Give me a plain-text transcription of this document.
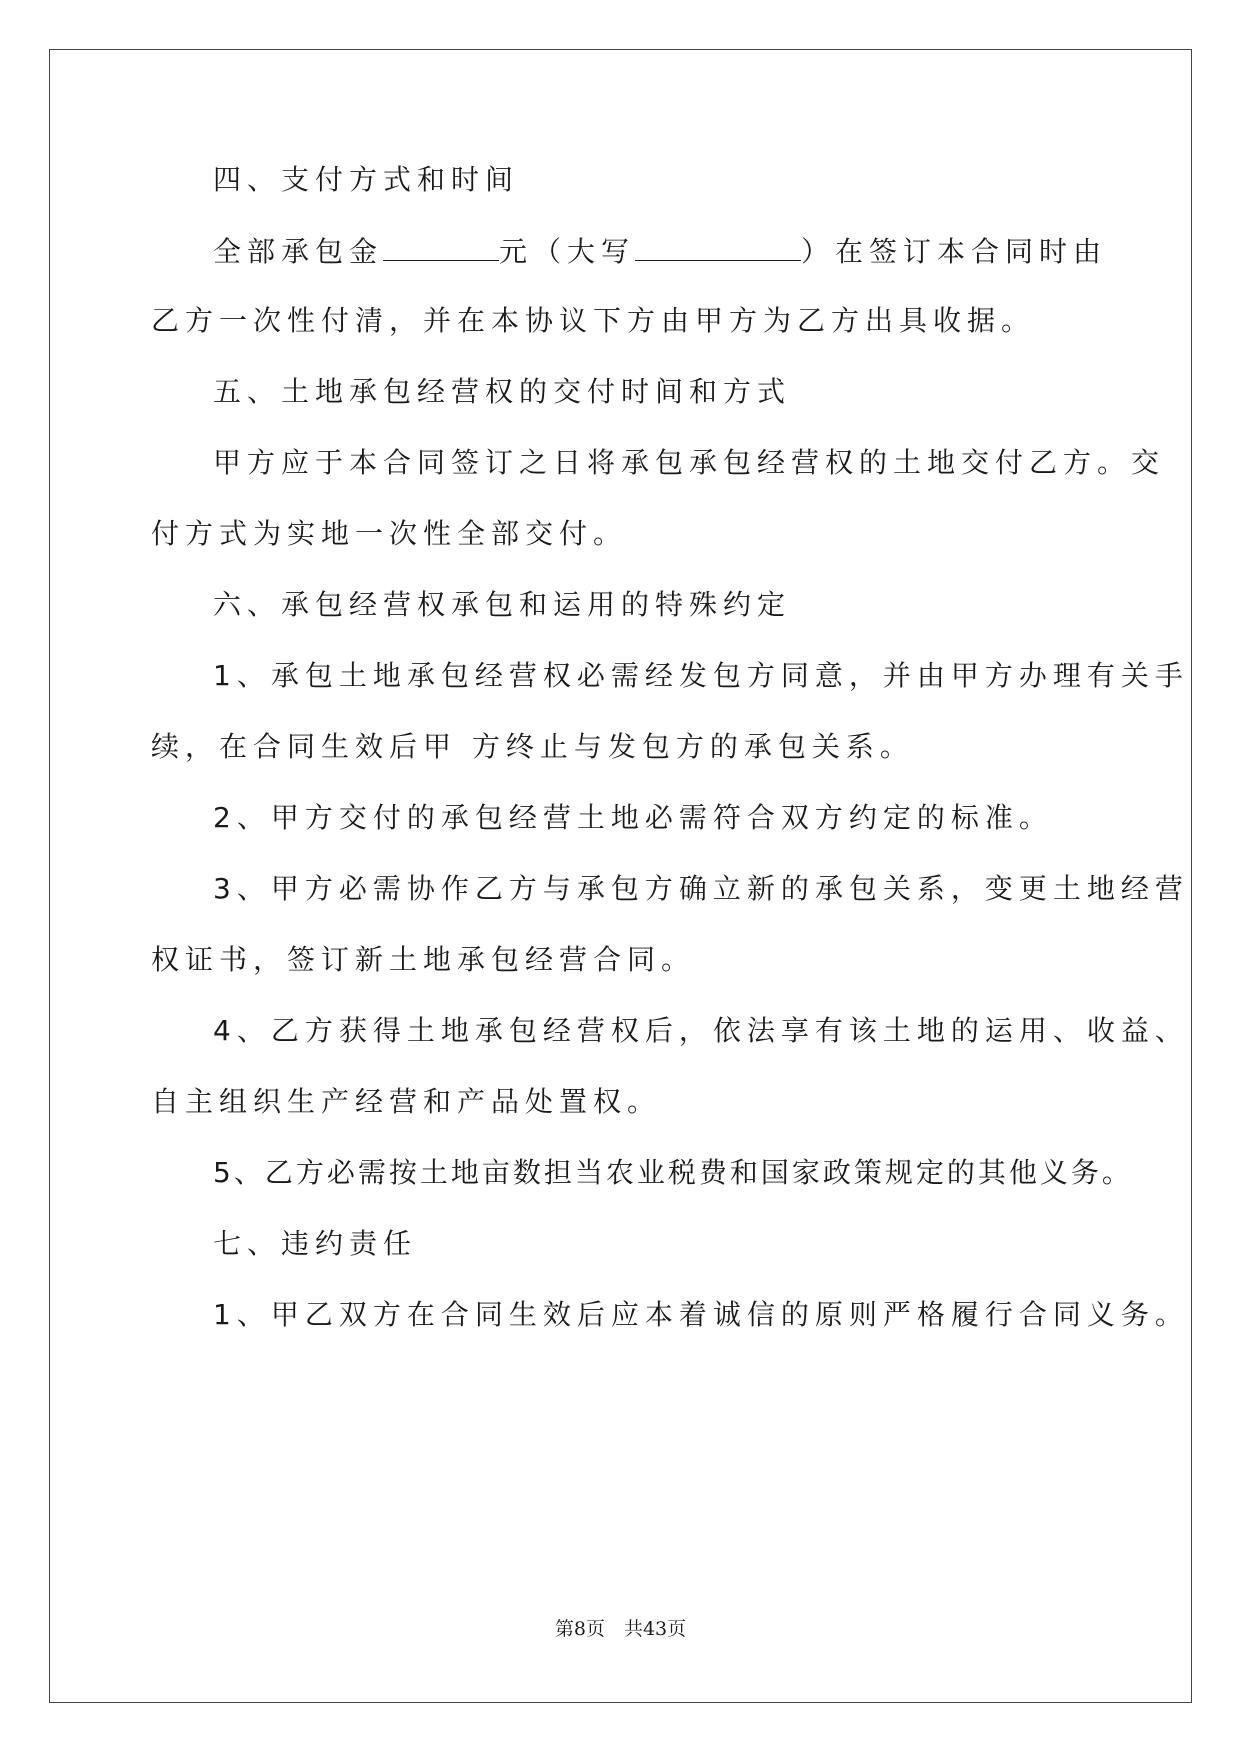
四、支付方式和时间
全部承包金	元（大写	）在签订本合同时由
乙方一次性付清，并在本协议下方由甲方为乙方出具收据。
五、土地承包经营权的交付时间和方式
甲方应于本合同签订之日将承包承包经营权的土地交付乙方。交
付方式为实地一次性全部交付。
六、承包经营权承包和运用的特殊约定
1、承包土地承包经营权必需经发包方同意，并由甲方办理有关手
续，在合同生效后甲 方终止与发包方的承包关系。
2、甲方交付的承包经营土地必需符合双方约定的标准。
3、甲方必需协作乙方与承包方确立新的承包关系，变更土地经营
权证书，签订新土地承包经营合同。
4、乙方获得土地承包经营权后，依法享有该土地的运用、收益、
自主组织生产经营和产品处置权。
5、乙方必需按土地亩数担当农业税费和国家政策规定的其他义务。
七、违约责任
1、甲乙双方在合同生效后应本着诚信的原则严格履行合同义务。
第8页　共43页
